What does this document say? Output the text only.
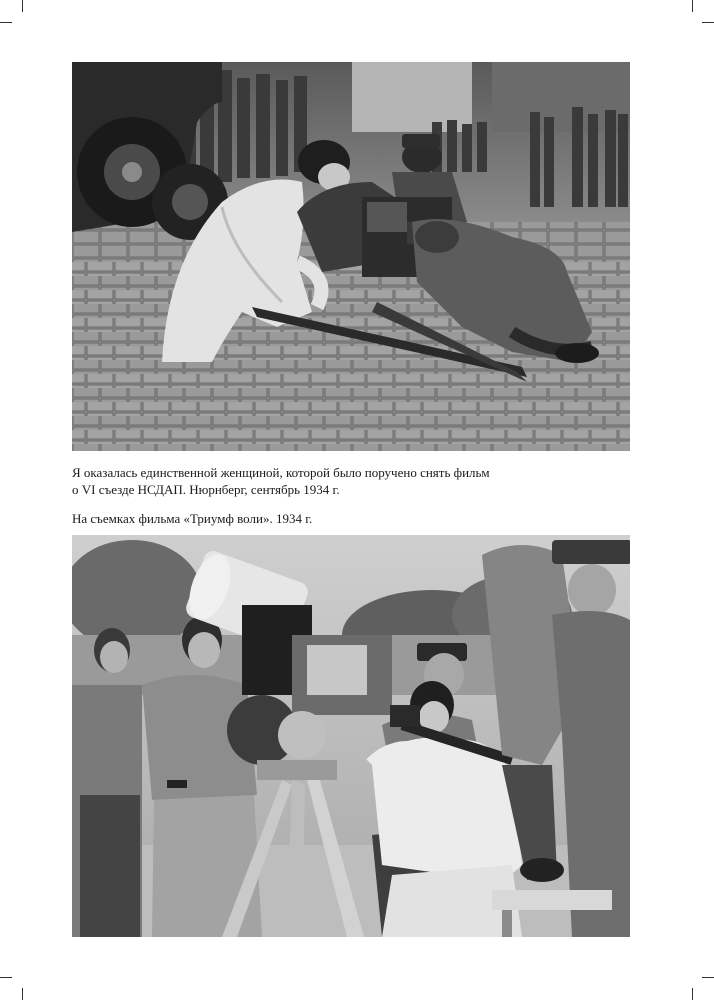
Я оказалась единственной женщиной, которой было поручено снять фильм
о VI съезде НСДАП. Нюрнберг, сентябрь 1934 г.

На съемках фильма «Триумф воли». 1934 г.
